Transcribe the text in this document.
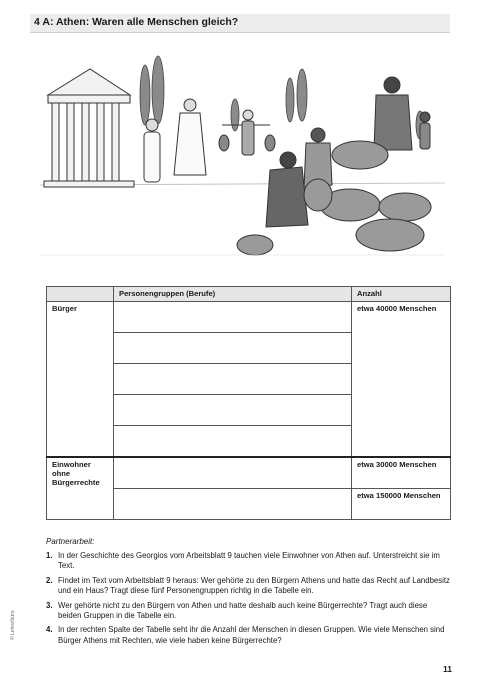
4 A: Athen: Waren alle Menschen gleich?
	Personengruppen (Berufe)	Anzahl
Bürger		etwa 40000 Menschen

Einwohner ohne Bürgerrechte		etwa 30000 Menschen
		etwa 150000 Menschen
Partnerarbeit:
1. In der Geschichte des Georgios vom Arbeitsblatt 9 tauchen viele Einwohner von Athen auf. Unterstreicht sie im Text.
2. Findet im Text vom Arbeitsblatt 9 heraus: Wer gehörte zu den Bürgern Athens und hatte das Recht auf Landbesitz und ein Haus? Tragt diese fünf Personengruppen richtig in die Tabelle ein.
3. Wer gehörte nicht zu den Bürgern von Athen und hatte deshalb auch keine Bürgerrechte? Tragt auch diese beiden Gruppen in die Tabelle ein.
4. In der rechten Spalte der Tabelle seht ihr die Anzahl der Menschen in diesen Gruppen. Wie viele Menschen sind Bürger Athens mit Rechten, wie viele haben keine Bürgerrechte?
© Lehrerbüro
11
